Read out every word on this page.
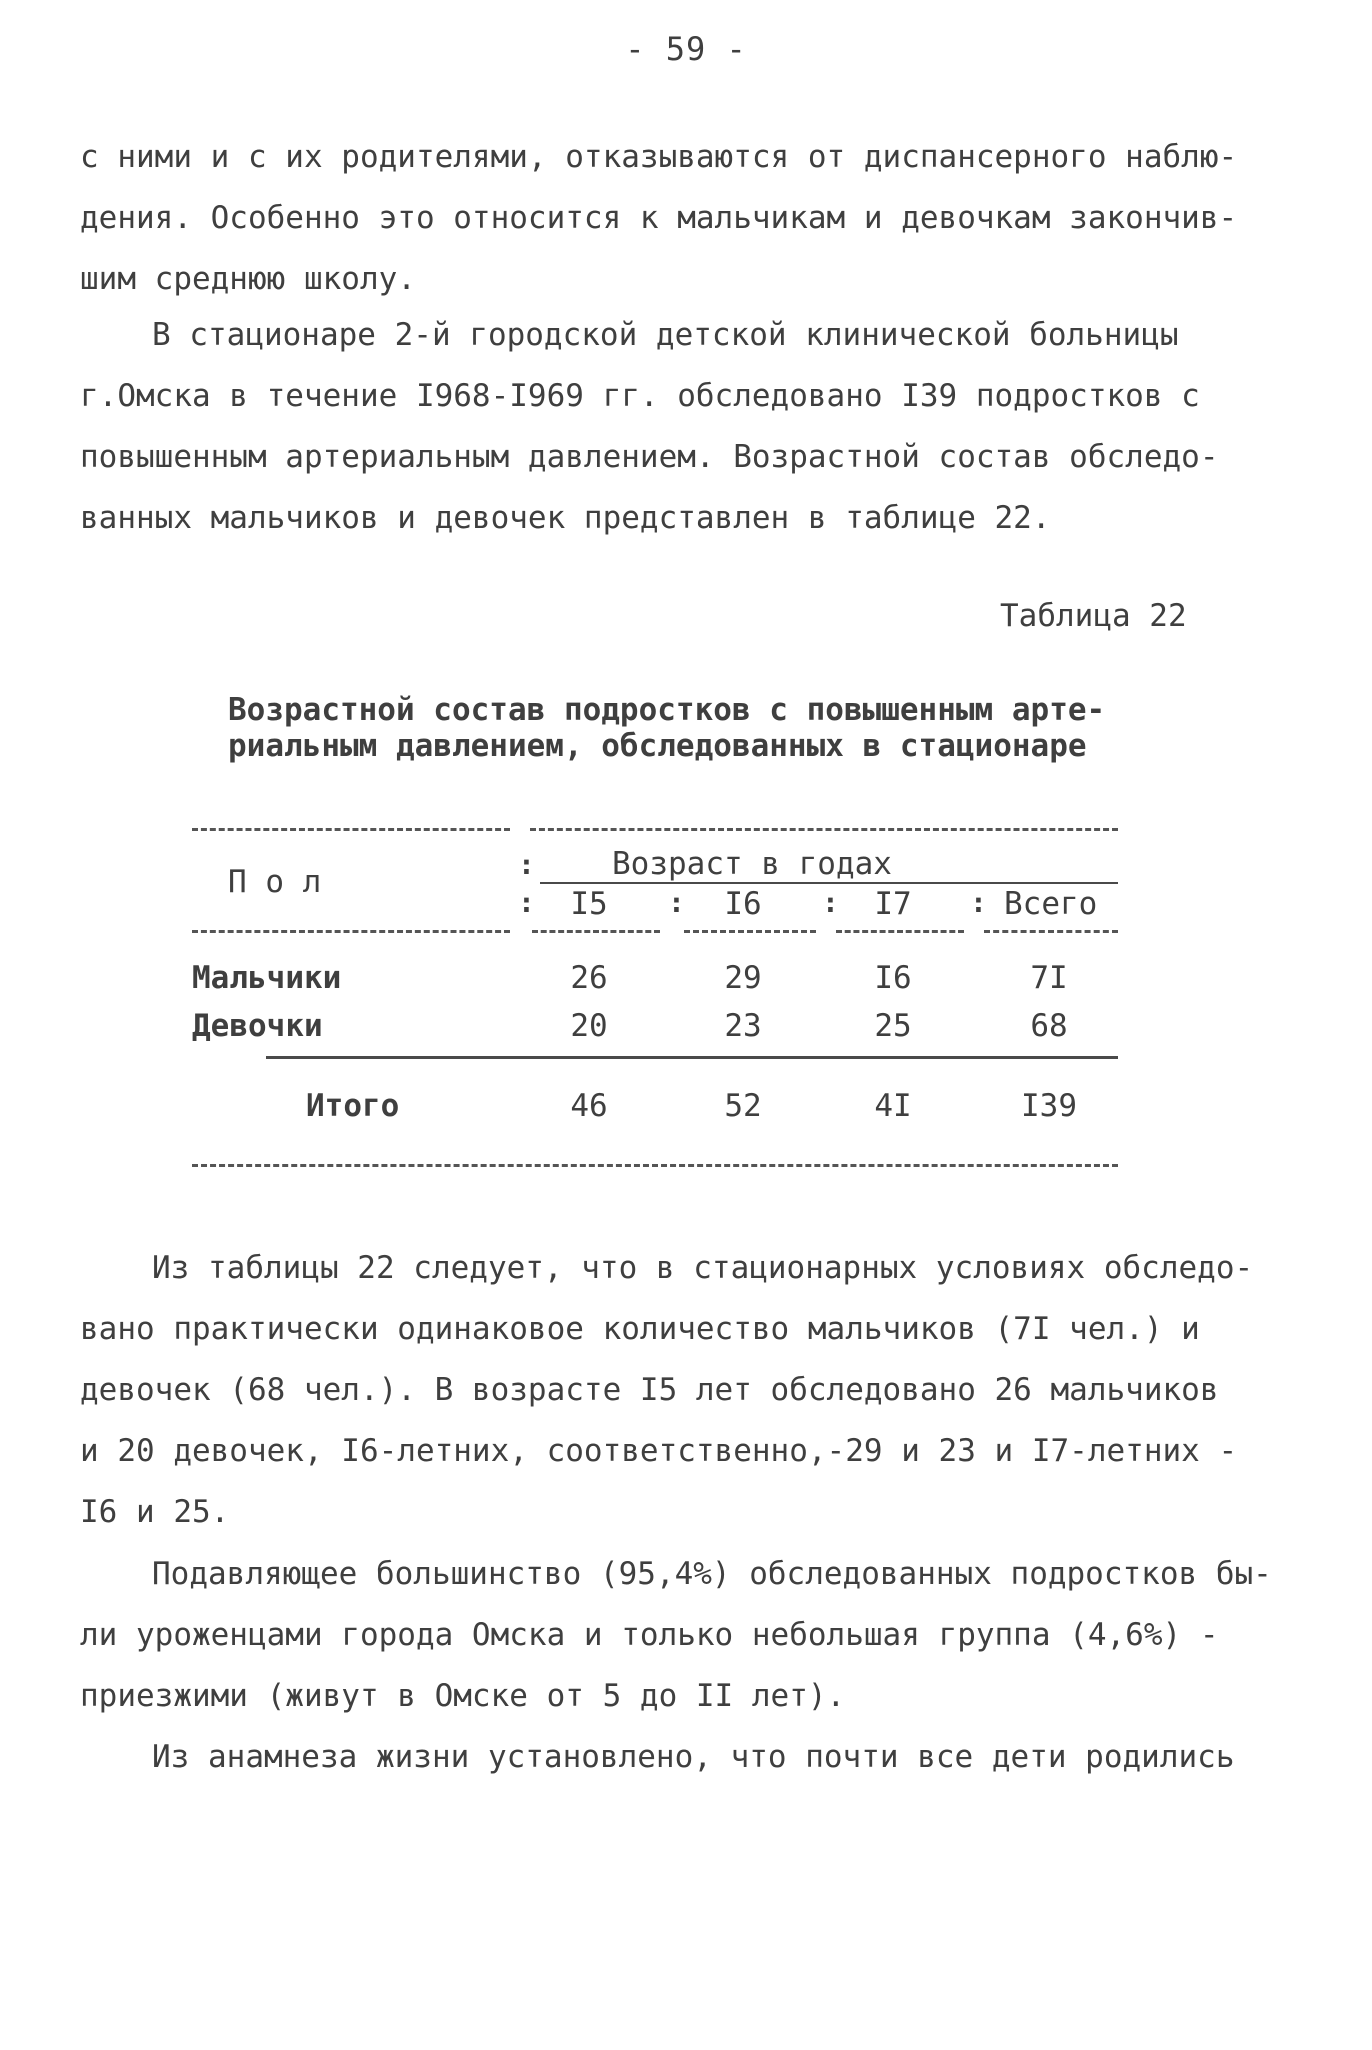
- 59 -

с ними и с их родителями, отказываются от диспансерного наблю-
дения. Особенно это относится к мальчикам и девочкам закончив-
шим среднюю школу.

В стационаре 2-й городской детской клинической больницы
г.Омска в течение I968-I969 гг. обследовано I39 подростков с
повышенным артериальным давлением. Возрастной состав обследо-
ванных мальчиков и девочек представлен в таблице 22.

Таблица 22
Возрастной состав подростков с повышенным арте-
риальным давлением, обследованных в стационаре
П о л	Возраст в годах
:
:	:	:	:
I5	I6	I7	Всего
Мальчики	26	29	I6	7I
Девочки	20	23	25	68
Итого	46	52	4I	I39

Из таблицы 22 следует, что в стационарных условиях обследо-
вано практически одинаковое количество мальчиков (7I чел.) и
девочек (68 чел.). В возрасте I5 лет обследовано 26 мальчиков
и 20 девочек, I6-летних, соответственно,-29 и 23 и I7-летних -
I6 и 25.

Подавляющее большинство (95,4%) обследованных подростков бы-
ли уроженцами города Омска и только небольшая группа (4,6%) -
приезжими (живут в Омске от 5 до II лет).

Из анамнеза жизни установлено, что почти все дети родились
